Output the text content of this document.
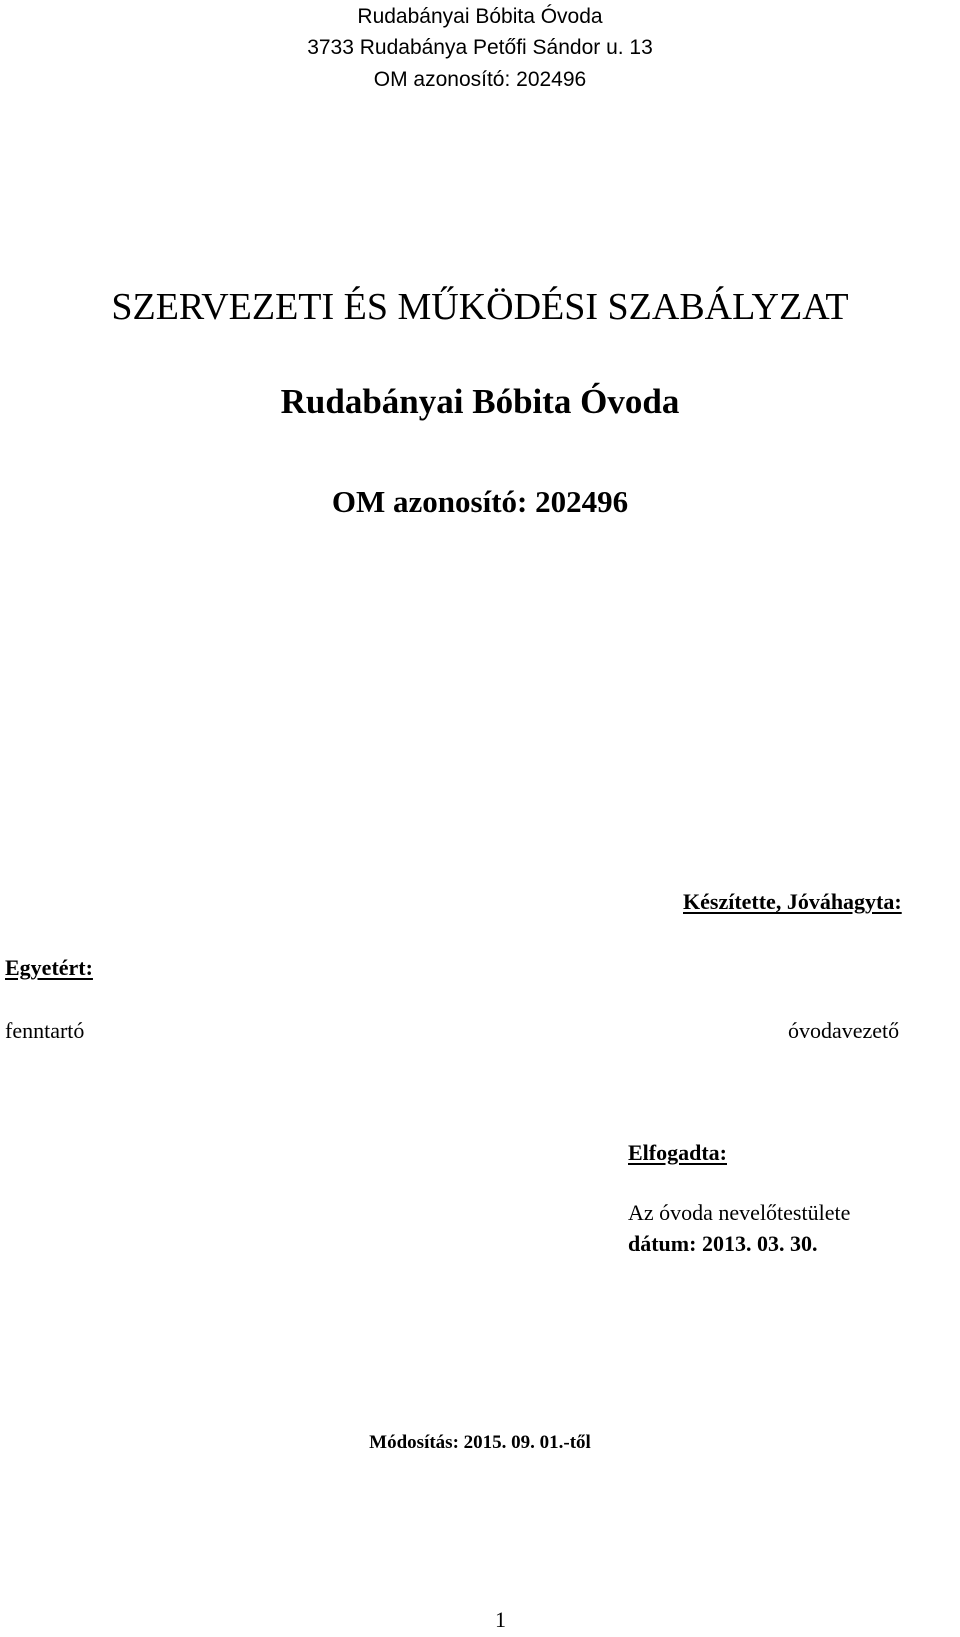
Rudabányai Bóbita Óvoda
3733 Rudabánya Petőfi Sándor u. 13
OM azonosító: 202496
SZERVEZETI ÉS MŰKÖDÉSI SZABÁLYZAT
Rudabányai Bóbita Óvoda
OM azonosító: 202496
Készítette, Jóváhagyta:
Egyetért:
fenntartó	óvodavezető
Elfogadta:
Az óvoda nevelőtestülete
dátum: 2013. 03. 30.
Módosítás: 2015. 09. 01.-től
1
